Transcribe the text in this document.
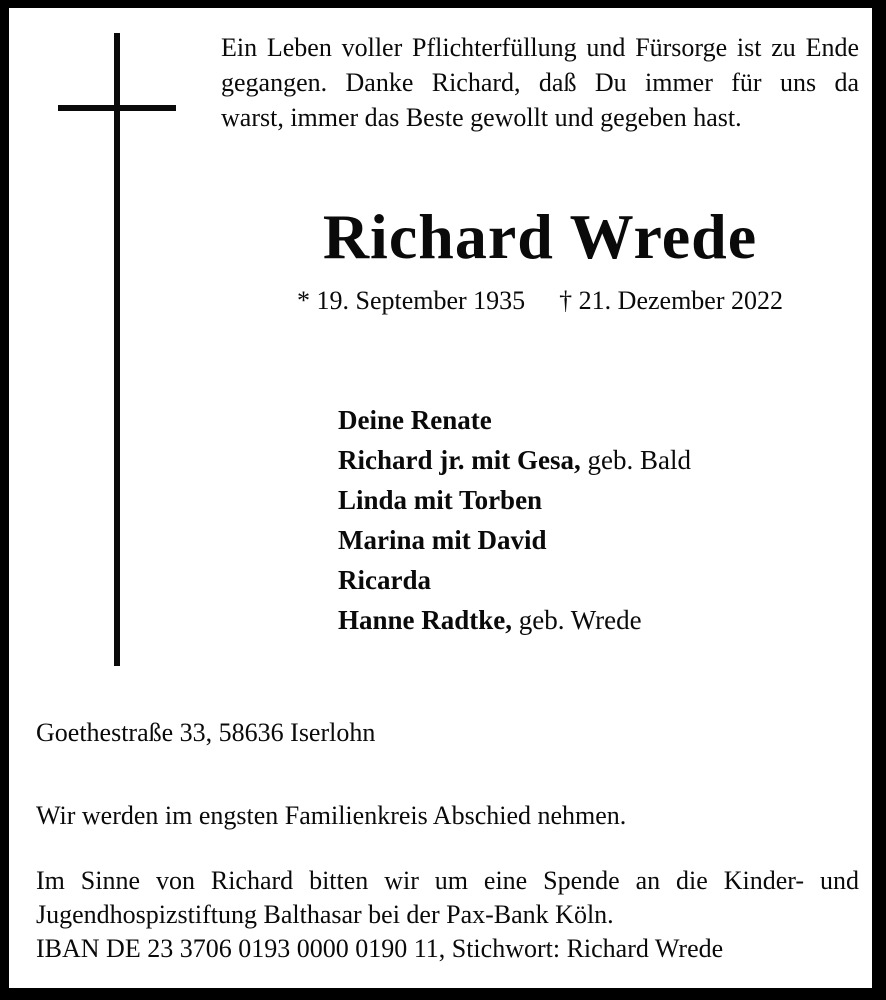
Ein Leben voller Pflichterfüllung und Fürsorge ist zu Ende
gegangen. Danke Richard, daß Du immer für uns da
warst, immer das Beste gewollt und gegeben hast.
Richard Wrede
* 19. September 1935 † 21. Dezember 2022
Deine Renate
Richard jr. mit Gesa, geb. Bald
Linda mit Torben
Marina mit David
Ricarda
Hanne Radtke, geb. Wrede
Goethestraße 33, 58636 Iserlohn
Wir werden im engsten Familienkreis Abschied nehmen.
Im Sinne von Richard bitten wir um eine Spende an die Kinder- und
Jugendhospizstiftung Balthasar bei der Pax-Bank Köln.
IBAN DE 23 3706 0193 0000 0190 11, Stichwort: Richard Wrede
